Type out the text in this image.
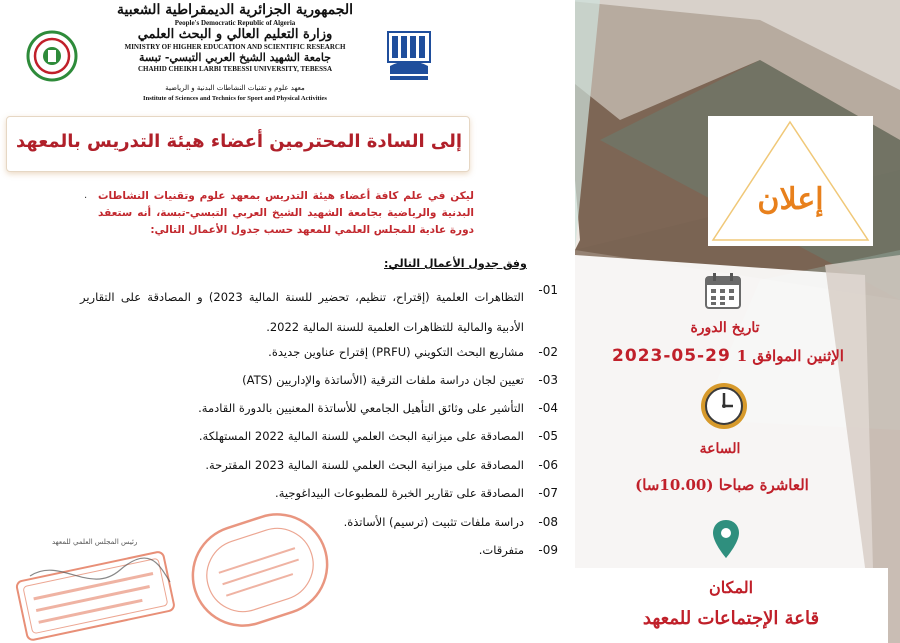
الجمهورية الجزائرية الديمقراطية الشعبية
People's Democratic Republic of Algeria
وزارة التعليم العالي و البحث العلمي
MINISTRY OF HIGHER EDUCATION AND SCIENTIFIC RESEARCH
جامعة الشهيد الشيخ العربي التبسي- تبسة
CHAHID CHEIKH LARBI TEBESSI UNIVERSITY, TEBESSA
معهد علوم و تقنيات النشاطات البدنية و الرياضية
Institute of Sciences and Technics for Sport and Physical Activities
إلى السادة المحترمين أعضاء هيئة التدريس بالمعهد
. ليكن في علم كافة أعضاء هيئة التدريس بمعهد علوم وتقنيات النشاطات البدنية والرياضية بجامعة الشهيد الشيخ العربي التبسي-تبسة، أنه ستعقد دورة عادية للمجلس العلمي للمعهد حسب جدول الأعمال التالي:
وفق جدول الأعمال التالي:
-01
التظاهرات العلمية (إقتراح، تنظيم، تحضير للسنة المالية 2023) و المصادقة على التقارير الأدبية والمالية للتظاهرات العلمية للسنة المالية 2022.
-02
مشاريع البحث التكويني (PRFU) إقتراح عناوين جديدة.
-03
تعيين لجان دراسة ملفات الترقية (الأساتذة والإداريين (ATS)
-04
التأشير على وثائق التأهيل الجامعي للأساتذة المعنيين بالدورة القادمة.
-05
المصادقة على ميزانية البحث العلمي للسنة المالية 2022 المستهلكة.
-06
المصادقة على ميزانية البحث العلمي للسنة المالية 2023 المقترحة.
-07
المصادقة على تقارير الخبرة للمطبوعات البيداغوجية.
-08
دراسة ملفات تثبيت (ترسيم) الأساتذة.
-09
متفرقات.
رئيس المجلس العلمي للمعهد
إعلان
تاريخ الدورة
2023-05-29 الإثنين الموافق 1
الساعة
العاشرة صباحا (10.00سا)
المكان
قاعة الإجتماعات للمعهد
